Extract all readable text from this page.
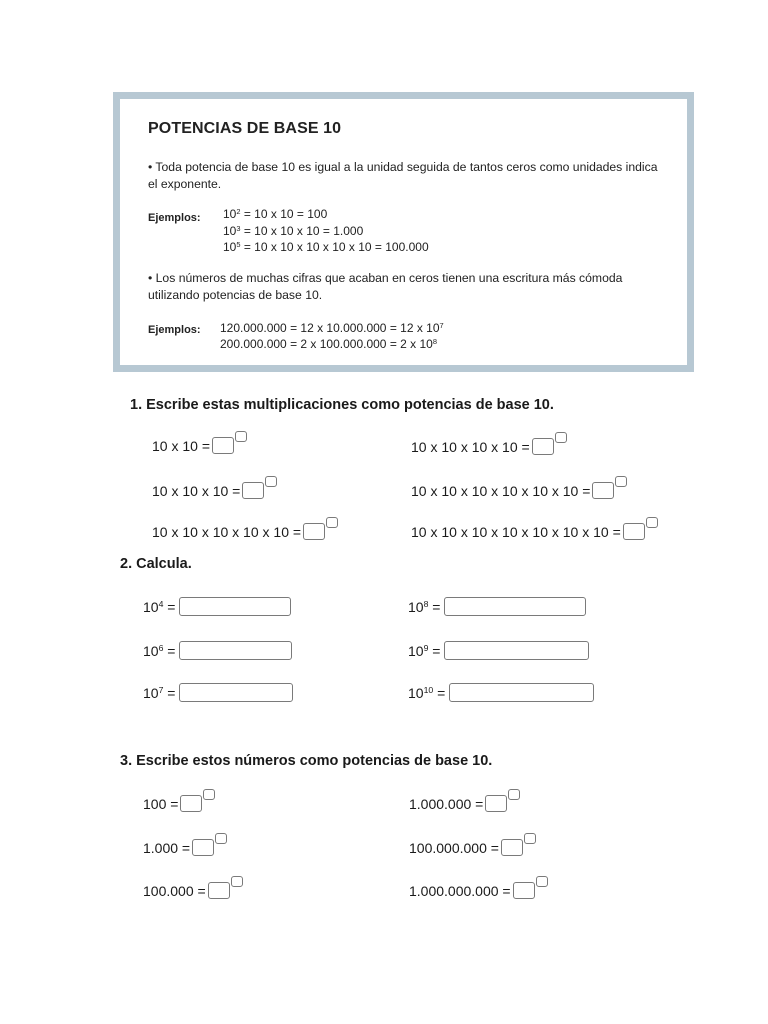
POTENCIAS DE BASE 10
• Toda potencia de base 10 es igual a la unidad seguida de tantos ceros como unidades indica el exponente.
Ejemplos: $10^2 = 10$ x 10 = 100
$10^3 = 10$ x 10 x 10 = 1.000
$10^5 = 10$ x 10 x 10 x 10 x 10 = 100.000
• Los números de muchas cifras que acaban en ceros tienen una escritura más cómoda utilizando potencias de base 10.
Ejemplos: 120.000.000 = 12 x 10.000.000 = 12 x $10^7$
200.000.000 = 2 x 100.000.000 = 2 x $10^8$
1. Escribe estas multiplicaciones como potencias de base 10.
10 x 10 =	10 x 10 x 10 x 10 =
10 x 10 x 10 =	10 x 10 x 10 x 10 x 10 x 10 =
10 x 10 x 10 x 10 x 10 =	10 x 10 x 10 x 10 x 10 x 10 x 10 =
2. Calcula.
$10^4$ =	$10^8$ =
$10^6$ =	$10^9$ =
$10^7$ =	$10^{10}$ =
3. Escribe estos números como potencias de base 10.
100 =	1.000.000 =
1.000 =	100.000.000 =
100.000 =	1.000.000.000 =
